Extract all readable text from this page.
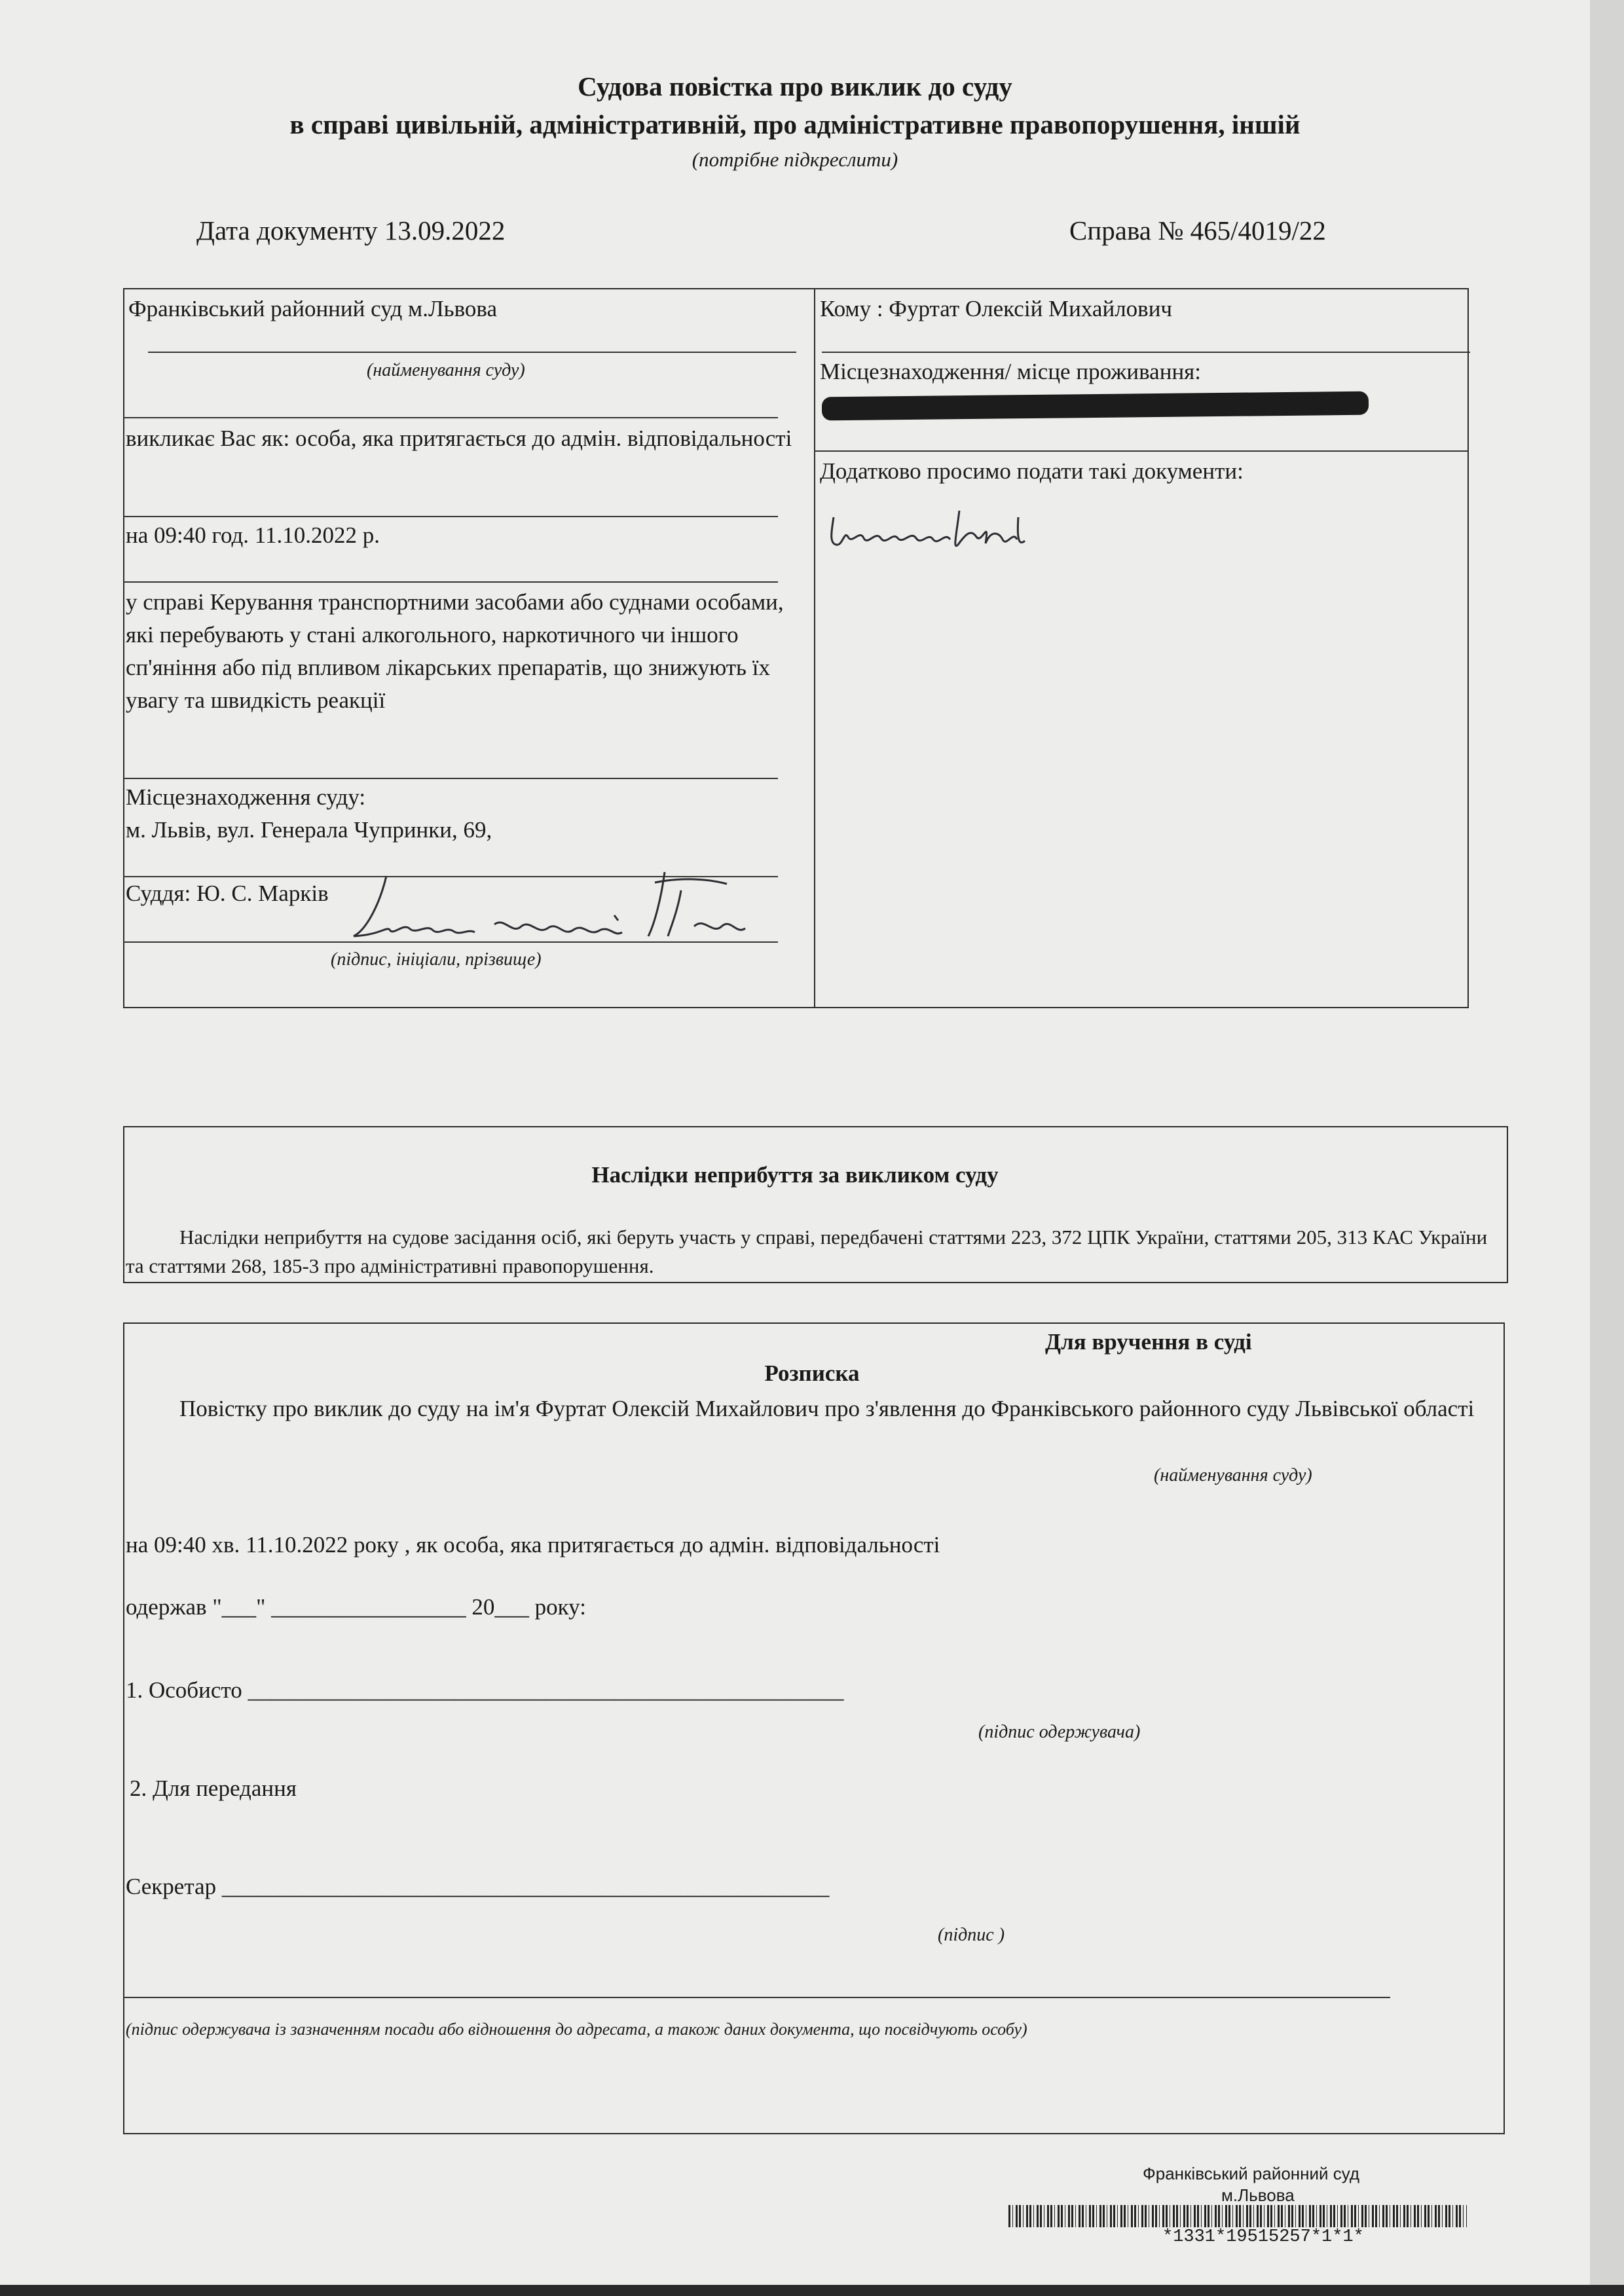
Судова повістка про виклик до суду
в справі цивільній, адміністративній, про адміністративне правопорушення, іншій
(потрібне підкреслити)
Дата документу 13.09.2022	Справа № 465/4019/22
Франківський районний суд м.Львова
(найменування суду)
викликає Вас як: особа, яка притягається до адмін. відповідальності
на 09:40 год. 11.10.2022 р.
у справі Керування транспортними засобами або суднами особами, які перебувають у стані алкогольного, наркотичного чи іншого сп'яніння або під впливом лікарських препаратів, що знижують їх увагу та швидкість реакції
Місцезнаходження суду:
м. Львів, вул. Генерала Чупринки, 69,
Суддя: Ю. С. Марків
(підпис, ініціали, прізвище)
Кому : Фуртат Олексій Михайлович
Місцезнаходження/ місце проживання:
Додатково просимо подати такі документи:
Наслідки неприбуття за викликом суду
Наслідки неприбуття на судове засідання осіб, які беруть участь у справі, передбачені статтями 223, 372 ЦПК України, статтями 205, 313 КАС України та статтями 268, 185-3 про адміністративні правопорушення.
Для вручення в суді
Розписка
Повістку про виклик до суду на ім'я Фуртат Олексій Михайлович про з'явлення до Франківського районного суду Львівської області
(найменування суду)
на 09:40 хв. 11.10.2022 року , як особа, яка притягається до адмін. відповідальності
одержав "___" _________________ 20___ року:
1. Особисто ____________________________________________________
(підпис одержувача)
2. Для передання
Секретар _____________________________________________________
(підпис )
(підпис одержувача із зазначенням посади або відношення до адресата, а також даних документа, що посвідчують особу)
Франківський районний суд
м.Львова
*1331*19515257*1*1*
